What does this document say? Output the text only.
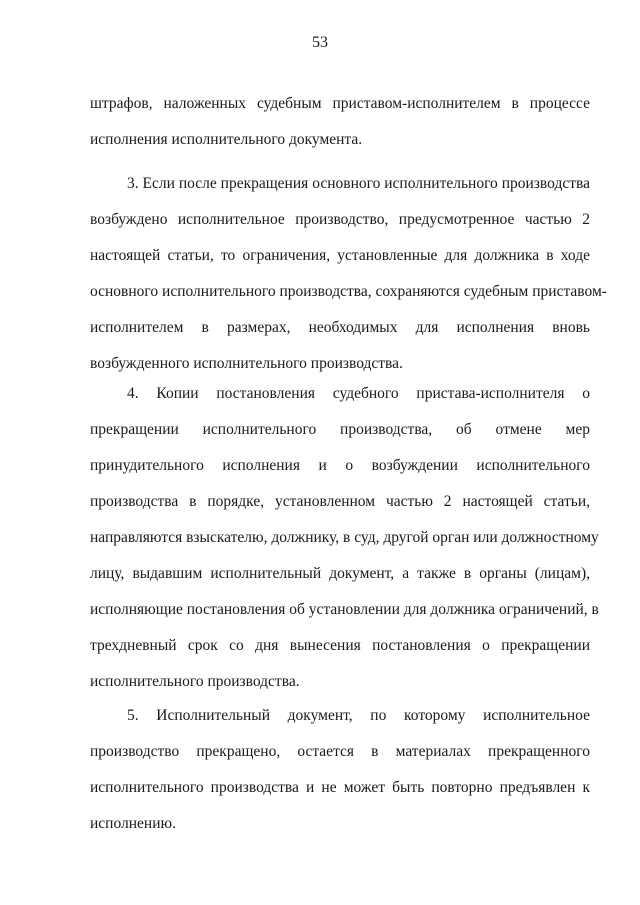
53

штрафов, наложенных судебным приставом-исполнителем в процессе
исполнения исполнительного документа.

3. Если после прекращения основного исполнительного производства
возбуждено исполнительное производство, предусмотренное частью 2
настоящей статьи, то ограничения, установленные для должника в ходе
основного исполнительного производства, сохраняются судебным приставом-
исполнителем в размерах, необходимых для исполнения вновь
возбужденного исполнительного производства.

4. Копии постановления судебного пристава-исполнителя о
прекращении исполнительного производства, об отмене мер
принудительного исполнения и о возбуждении исполнительного
производства в порядке, установленном частью 2 настоящей статьи,
направляются взыскателю, должнику, в суд, другой орган или должностному
лицу, выдавшим исполнительный документ, а также в органы (лицам),
исполняющие постановления об установлении для должника ограничений, в
трехдневный срок со дня вынесения постановления о прекращении
исполнительного производства.

5. Исполнительный документ, по которому исполнительное
производство прекращено, остается в материалах прекращенного
исполнительного производства и не может быть повторно предъявлен к
исполнению.
